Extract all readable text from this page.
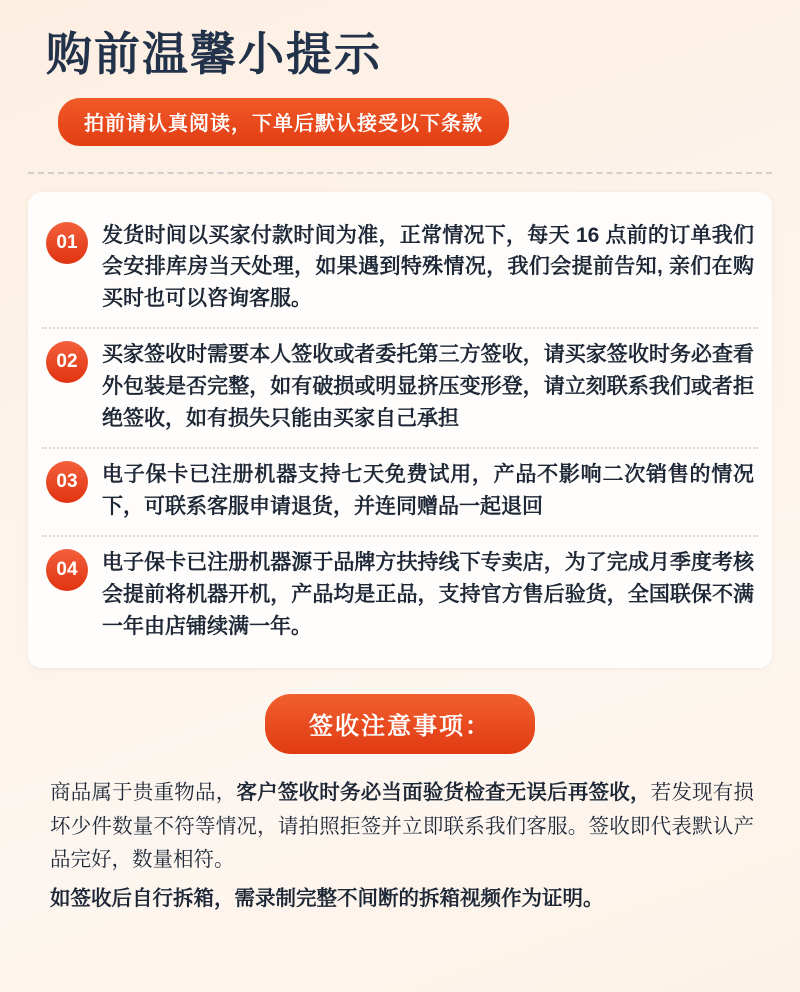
购前温馨小提示
拍前请认真阅读，下单后默认接受以下条款
01	发货时间以买家付款时间为准，正常情况下，每天 16 点前的订单我们会安排库房当天处理，如果遇到特殊情况，我们会提前告知, 亲们在购买时也可以咨询客服。
02	买家签收时需要本人签收或者委托第三方签收，请买家签收时务必查看外包装是否完整，如有破损或明显挤压变形登，请立刻联系我们或者拒绝签收，如有损失只能由买家自己承担
03	电子保卡已注册机器支持七天免费试用，产品不影响二次销售的情况下，可联系客服申请退货，并连同赠品一起退回
04	电子保卡已注册机器源于品牌方扶持线下专卖店，为了完成月季度考核会提前将机器开机，产品均是正品，支持官方售后验货，全国联保不满一年由店铺续满一年。
签收注意事项：
商品属于贵重物品，客户签收时务必当面验货检查无误后再签收，若发现有损坏少件数量不符等情况，请拍照拒签并立即联系我们客服。签收即代表默认产品完好，数量相符。
如签收后自行拆箱，需录制完整不间断的拆箱视频作为证明。
